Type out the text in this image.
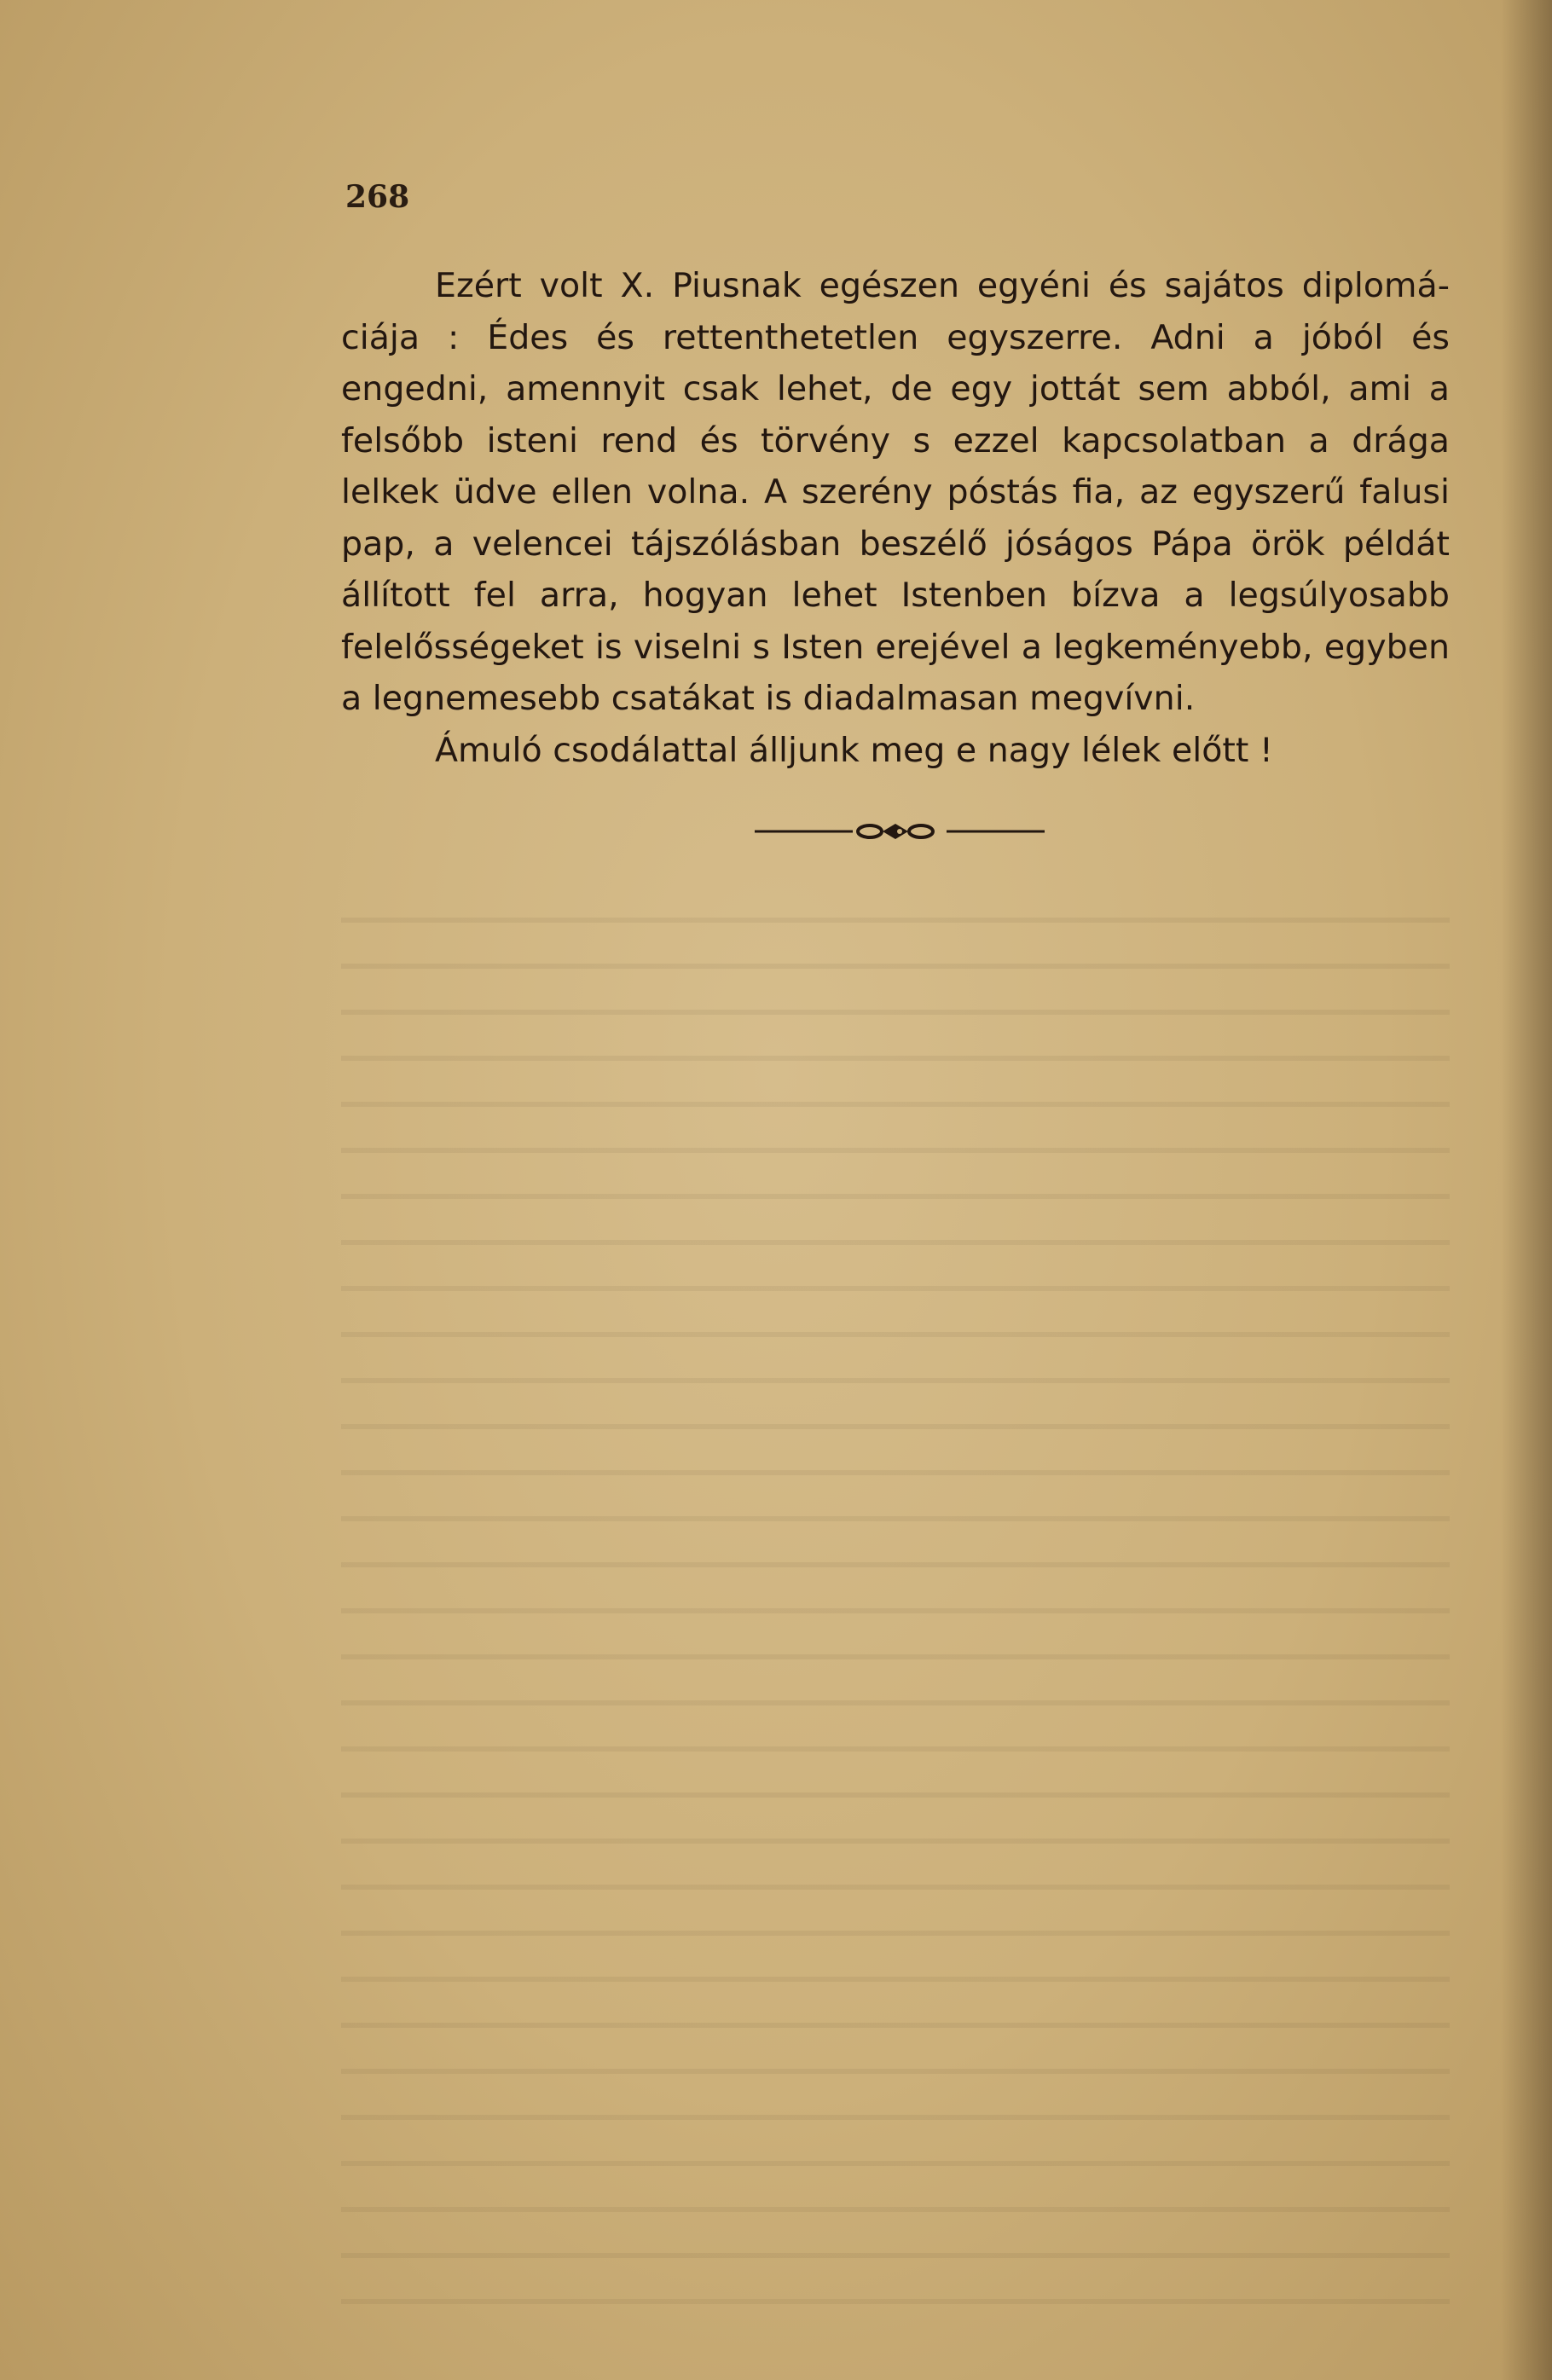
268

Ezért volt X. Piusnak egészen egyéni és sajátos diplomáciája : Édes és rettenthetetlen egyszerre. Adni a jóból és engedni, amennyit csak lehet, de egy jottát sem abból, ami a felsőbb isteni rend és törvény s ezzel kapcsolatban a drága lelkek üdve ellen volna. A szerény póstás fia, az egyszerű falusi pap, a velencei tájszólásban beszélő jóságos Pápa örök példát állított fel arra, hogyan lehet Istenben bízva a legsúlyosabb felelősségeket is viselni s Isten erejével a legkeményebb, egyben a legnemesebb csatákat is diadalmasan megvívni.

Ámuló csodálattal álljunk meg e nagy lélek előtt !
